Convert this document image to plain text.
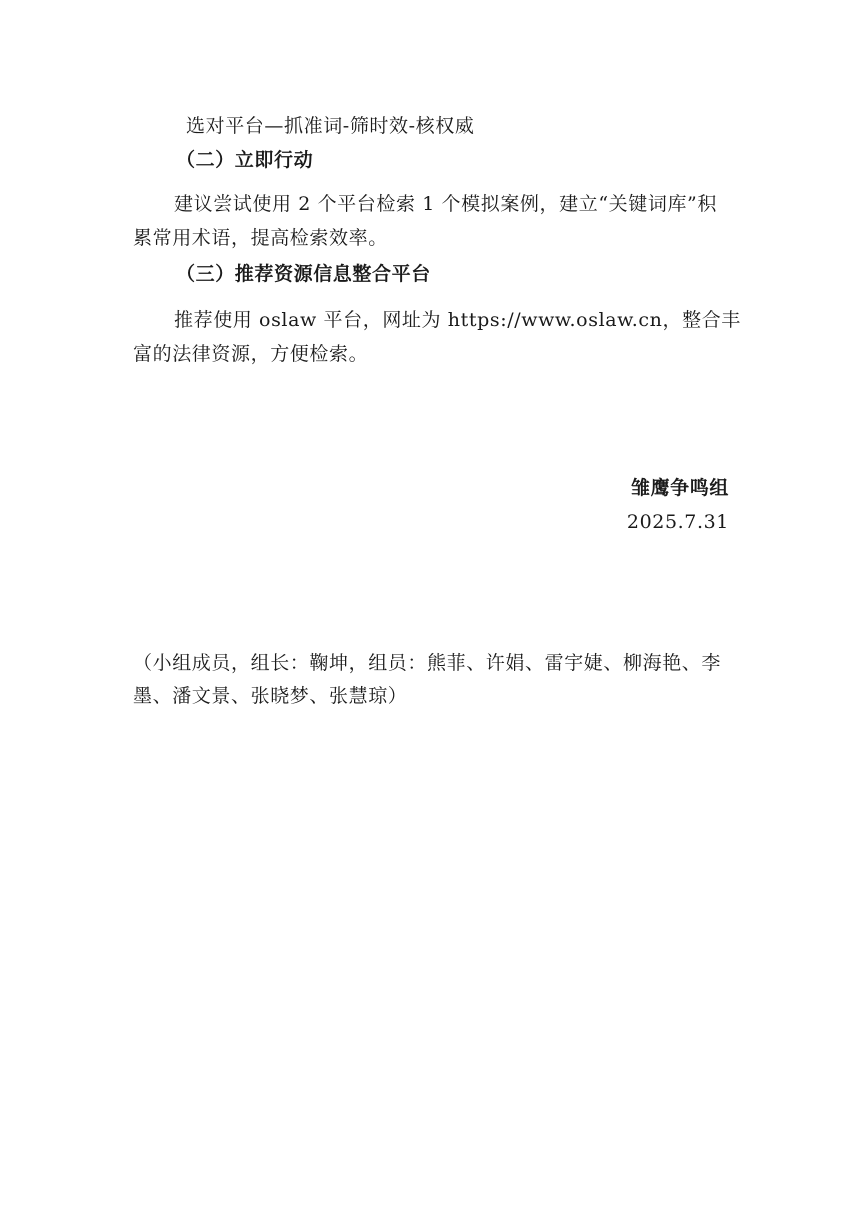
选对平台—抓准词-筛时效-核权威
（二）立即行动
建议尝试使用 2 个平台检索 1 个模拟案例，建立“关键词库”积
累常用术语，提高检索效率。
（三）推荐资源信息整合平台
推荐使用 oslaw 平台，网址为 https://www.oslaw.cn，整合丰
富的法律资源，方便检索。
雏鹰争鸣组
2025.7.31
（小组成员，组长：鞠坤，组员：熊菲、许娟、雷宇婕、柳海艳、李
墨、潘文景、张晓梦、张慧琼）
